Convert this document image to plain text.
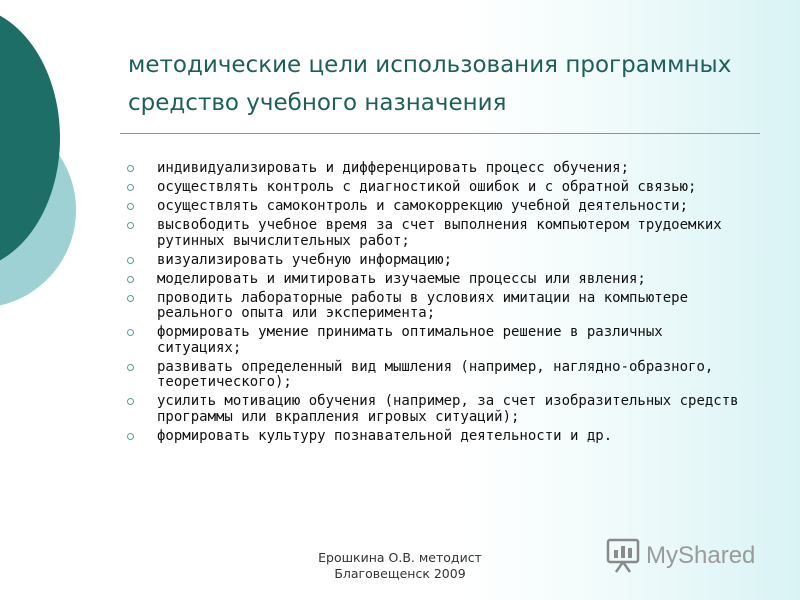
методические цели использования программных средство учебного назначения
индивидуализировать и дифференцировать процесс обучения;
осуществлять контроль с диагностикой ошибок и с обратной связью;
осуществлять самоконтроль и самокоррекцию учебной деятельности;
высвободить учебное время за счет выполнения компьютером трудоемких рутинных вычислительных работ;
визуализировать учебную информацию;
моделировать и имитировать изучаемые процессы или явления;
проводить лабораторные работы в условиях имитации на компьютере реального опыта или эксперимента;
формировать умение принимать оптимальное решение в различных ситуациях;
развивать определенный вид мышления (например, наглядно-образного, теоретического);
усилить мотивацию обучения (например, за счет изобразительных средств программы или вкрапления игровых ситуаций);
формировать культуру познавательной деятельности и др.
Ерошкина О.В. методист
Благовещенск 2009
MyShared
